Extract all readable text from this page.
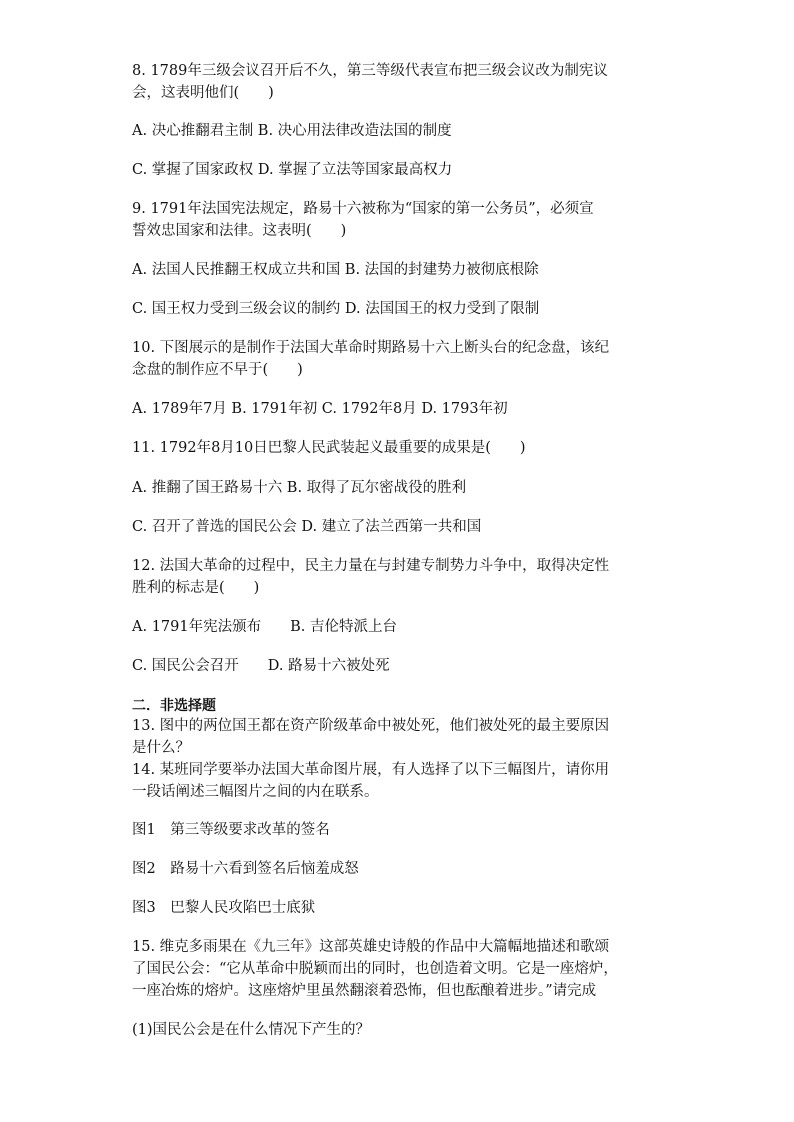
8. 1789年三级会议召开后不久，第三等级代表宣布把三级会议改为制宪议
会，这表明他们(　　)
A. 决心推翻君主制 B. 决心用法律改造法国的制度
C. 掌握了国家政权 D. 掌握了立法等国家最高权力
9. 1791年法国宪法规定，路易十六被称为“国家的第一公务员”，必须宣
誓效忠国家和法律。这表明(　　)
A. 法国人民推翻王权成立共和国 B. 法国的封建势力被彻底根除
C. 国王权力受到三级会议的制约 D. 法国国王的权力受到了限制
10. 下图展示的是制作于法国大革命时期路易十六上断头台的纪念盘，该纪
念盘的制作应不早于(　　)
A. 1789年7月 B. 1791年初 C. 1792年8月 D. 1793年初
11. 1792年8月10日巴黎人民武装起义最重要的成果是(　　)
A. 推翻了国王路易十六 B. 取得了瓦尔密战役的胜利
C. 召开了普选的国民公会 D. 建立了法兰西第一共和国
12. 法国大革命的过程中，民主力量在与封建专制势力斗争中，取得决定性
胜利的标志是(　　)
A. 1791年宪法颁布　　B. 吉伦特派上台
C. 国民公会召开　　D. 路易十六被处死
二．非选择题
13. 图中的两位国王都在资产阶级革命中被处死，他们被处死的最主要原因
是什么？
14. 某班同学要举办法国大革命图片展，有人选择了以下三幅图片，请你用
一段话阐述三幅图片之间的内在联系。
图1　第三等级要求改革的签名
图2　路易十六看到签名后恼羞成怒
图3　巴黎人民攻陷巴士底狱
15. 维克多雨果在《九三年》这部英雄史诗般的作品中大篇幅地描述和歌颂
了国民公会：“它从革命中脱颖而出的同时，也创造着文明。它是一座熔炉，
一座冶炼的熔炉。这座熔炉里虽然翻滚着恐怖，但也酝酿着进步。”请完成
(1)国民公会是在什么情况下产生的？
